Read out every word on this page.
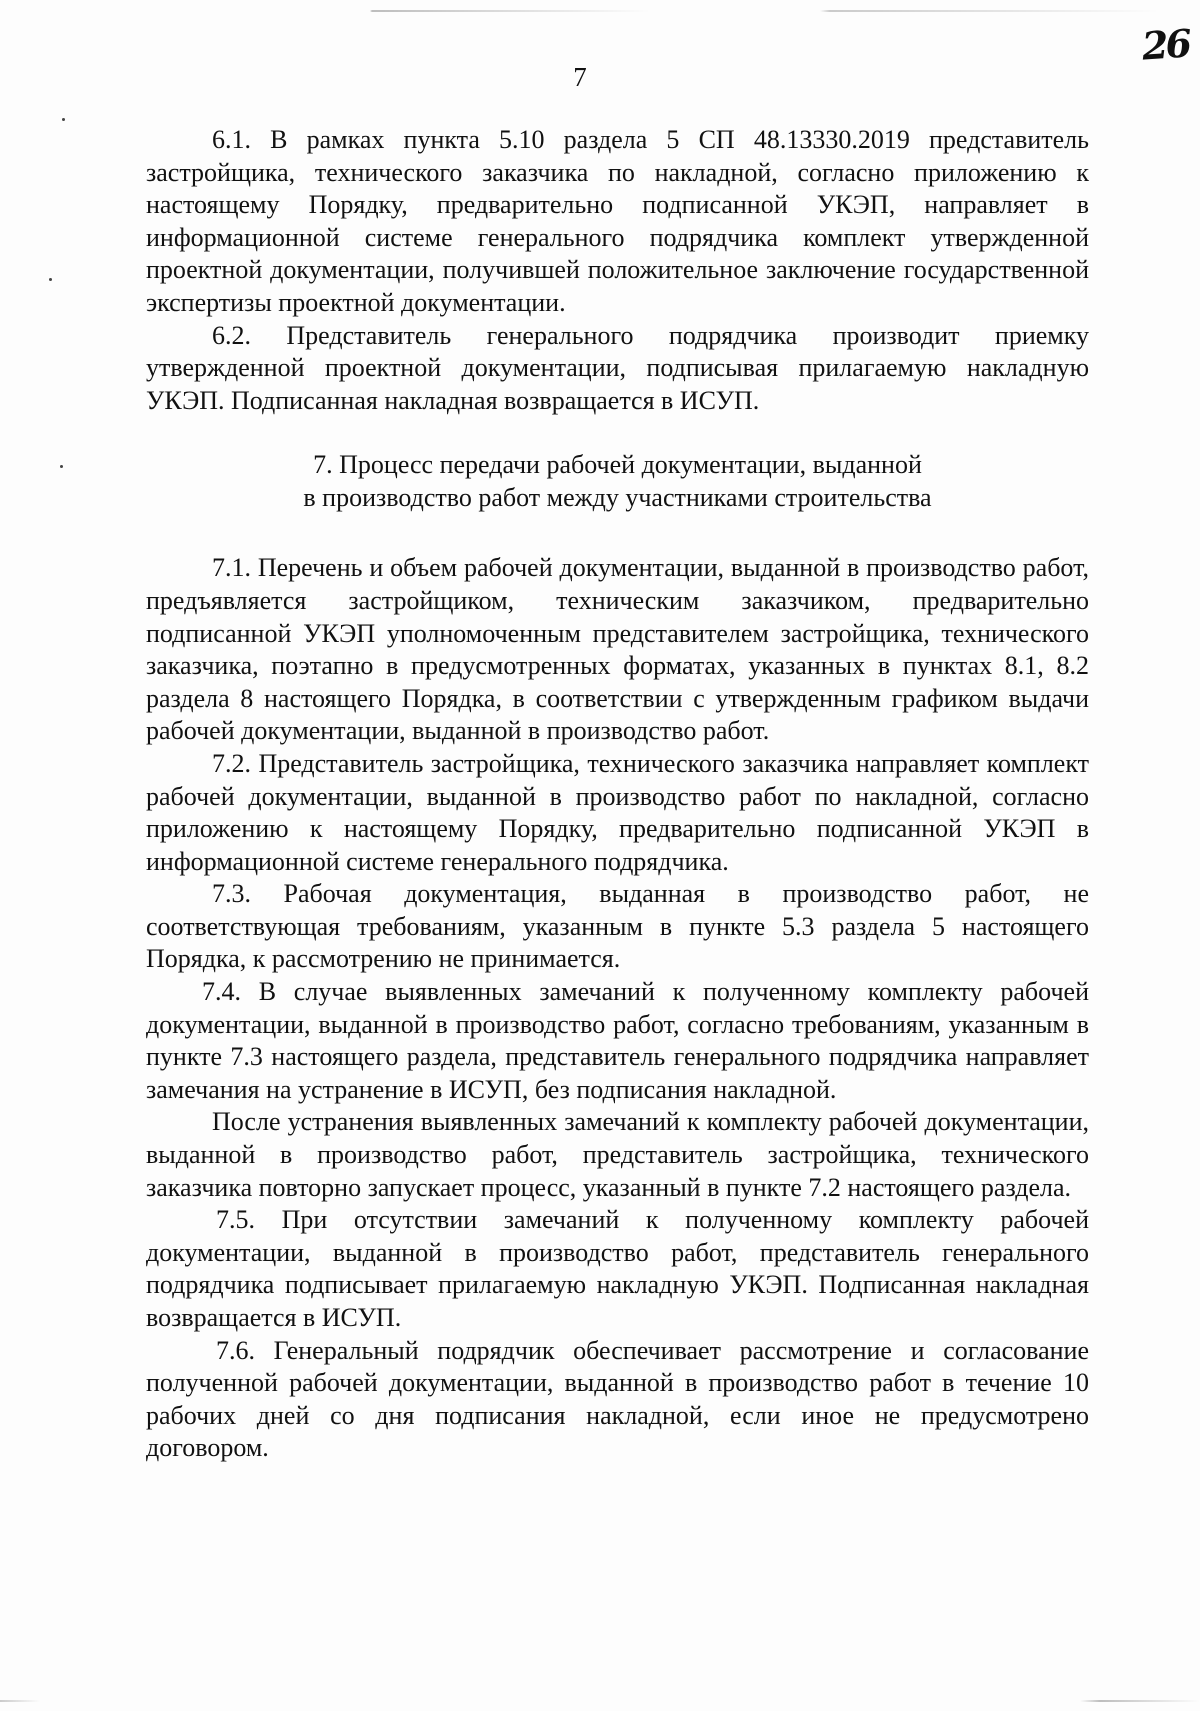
7
26

6.1. В рамках пункта 5.10 раздела 5 СП 48.13330.2019 представитель застройщика, технического заказчика по накладной, согласно приложению к настоящему Порядку, предварительно подписанной УКЭП, направляет в информационной системе генерального подрядчика комплект утвержденной проектной документации, получившей положительное заключение государственной экспертизы проектной документации.

6.2. Представитель генерального подрядчика производит приемку утвержденной проектной документации, подписывая прилагаемую накладную УКЭП. Подписанная накладная возвращается в ИСУП.

7. Процесс передачи рабочей документации, выданной
в производство работ между участниками строительства

7.1. Перечень и объем рабочей документации, выданной в производство работ, предъявляется застройщиком, техническим заказчиком, предварительно подписанной УКЭП уполномоченным представителем застройщика, технического заказчика, поэтапно в предусмотренных форматах, указанных в пунктах 8.1, 8.2 раздела 8 настоящего Порядка, в соответствии с утвержденным графиком выдачи рабочей документации, выданной в производство работ.

7.2. Представитель застройщика, технического заказчика направляет комплект рабочей документации, выданной в производство работ по накладной, согласно приложению к настоящему Порядку, предварительно подписанной УКЭП в информационной системе генерального подрядчика.

7.3. Рабочая документация, выданная в производство работ, не соответствующая требованиям, указанным в пункте 5.3 раздела 5 настоящего Порядка, к рассмотрению не принимается.

7.4. В случае выявленных замечаний к полученному комплекту рабочей документации, выданной в производство работ, согласно требованиям, указанным в пункте 7.3 настоящего раздела, представитель генерального подрядчика направляет замечания на устранение в ИСУП, без подписания накладной.

После устранения выявленных замечаний к комплекту рабочей документации, выданной в производство работ, представитель застройщика, технического заказчика повторно запускает процесс, указанный в пункте 7.2 настоящего раздела.

7.5. При отсутствии замечаний к полученному комплекту рабочей документации, выданной в производство работ, представитель генерального подрядчика подписывает прилагаемую накладную УКЭП. Подписанная накладная возвращается в ИСУП.

7.6. Генеральный подрядчик обеспечивает рассмотрение и согласование полученной рабочей документации, выданной в производство работ в течение 10 рабочих дней со дня подписания накладной, если иное не предусмотрено договором.
